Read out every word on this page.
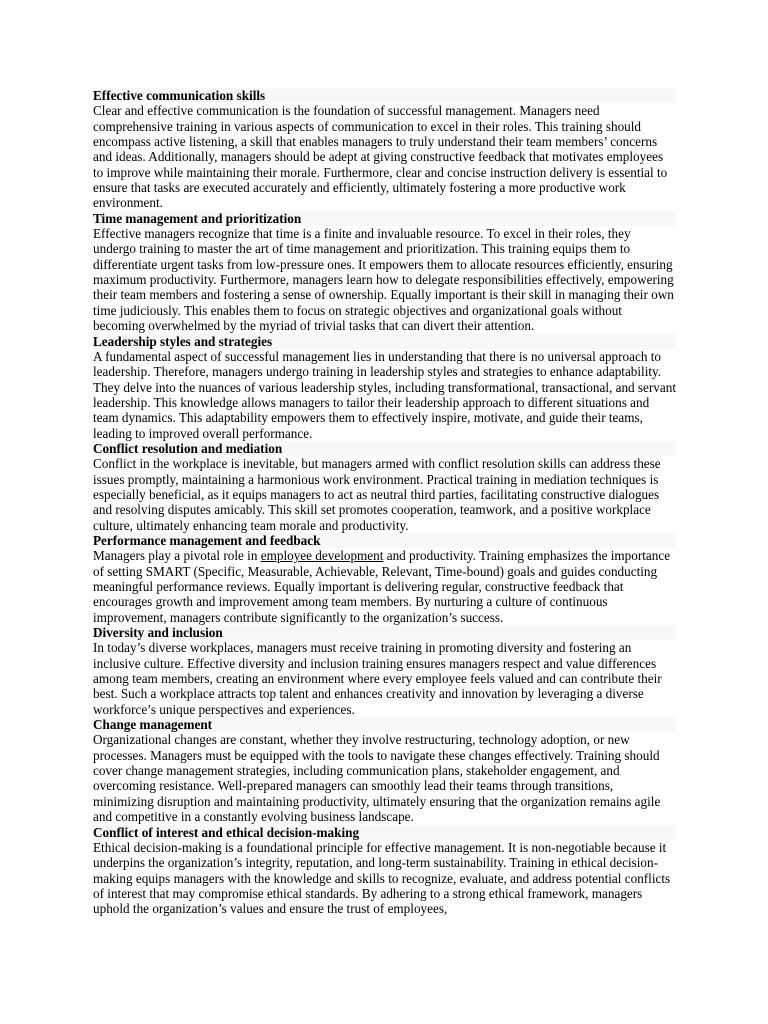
Effective communication skills
Clear and effective communication is the foundation of successful management. Managers need comprehensive training in various aspects of communication to excel in their roles. This training should encompass active listening, a skill that enables managers to truly understand their team members’ concerns and ideas. Additionally, managers should be adept at giving constructive feedback that motivates employees to improve while maintaining their morale. Furthermore, clear and concise instruction delivery is essential to ensure that tasks are executed accurately and efficiently, ultimately fostering a more productive work environment.
Time management and prioritization
Effective managers recognize that time is a finite and invaluable resource. To excel in their roles, they undergo training to master the art of time management and prioritization. This training equips them to differentiate urgent tasks from low-pressure ones. It empowers them to allocate resources efficiently, ensuring maximum productivity. Furthermore, managers learn how to delegate responsibilities effectively, empowering their team members and fostering a sense of ownership. Equally important is their skill in managing their own time judiciously. This enables them to focus on strategic objectives and organizational goals without becoming overwhelmed by the myriad of trivial tasks that can divert their attention.
Leadership styles and strategies
A fundamental aspect of successful management lies in understanding that there is no universal approach to leadership. Therefore, managers undergo training in leadership styles and strategies to enhance adaptability. They delve into the nuances of various leadership styles, including transformational, transactional, and servant leadership. This knowledge allows managers to tailor their leadership approach to different situations and team dynamics. This adaptability empowers them to effectively inspire, motivate, and guide their teams, leading to improved overall performance.
Conflict resolution and mediation
Conflict in the workplace is inevitable, but managers armed with conflict resolution skills can address these issues promptly, maintaining a harmonious work environment. Practical training in mediation techniques is especially beneficial, as it equips managers to act as neutral third parties, facilitating constructive dialogues and resolving disputes amicably. This skill set promotes cooperation, teamwork, and a positive workplace culture, ultimately enhancing team morale and productivity.
Performance management and feedback
Managers play a pivotal role in employee development and productivity. Training emphasizes the importance of setting SMART (Specific, Measurable, Achievable, Relevant, Time-bound) goals and guides conducting meaningful performance reviews. Equally important is delivering regular, constructive feedback that encourages growth and improvement among team members. By nurturing a culture of continuous improvement, managers contribute significantly to the organization’s success.
Diversity and inclusion
In today’s diverse workplaces, managers must receive training in promoting diversity and fostering an inclusive culture. Effective diversity and inclusion training ensures managers respect and value differences among team members, creating an environment where every employee feels valued and can contribute their best. Such a workplace attracts top talent and enhances creativity and innovation by leveraging a diverse workforce’s unique perspectives and experiences.
Change management
Organizational changes are constant, whether they involve restructuring, technology adoption, or new processes. Managers must be equipped with the tools to navigate these changes effectively. Training should cover change management strategies, including communication plans, stakeholder engagement, and overcoming resistance. Well-prepared managers can smoothly lead their teams through transitions, minimizing disruption and maintaining productivity, ultimately ensuring that the organization remains agile and competitive in a constantly evolving business landscape.
Conflict of interest and ethical decision-making
Ethical decision-making is a foundational principle for effective management. It is non-negotiable because it underpins the organization’s integrity, reputation, and long-term sustainability. Training in ethical decision-making equips managers with the knowledge and skills to recognize, evaluate, and address potential conflicts of interest that may compromise ethical standards. By adhering to a strong ethical framework, managers uphold the organization’s values and ensure the trust of employees,
